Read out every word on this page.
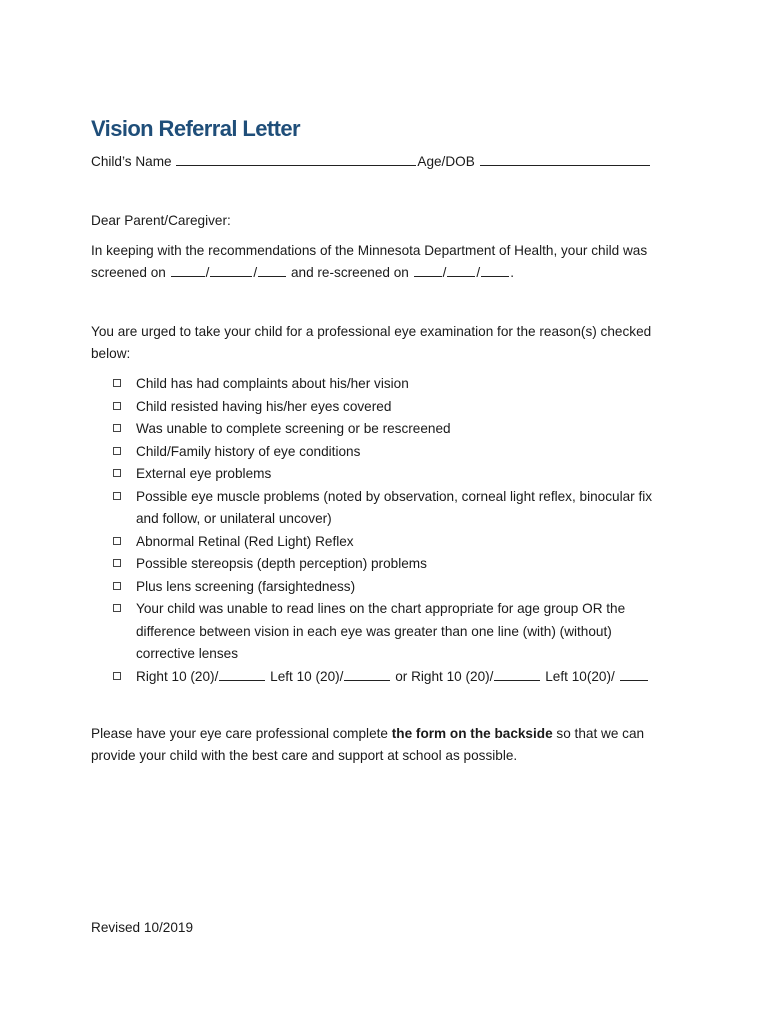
Vision Referral Letter
Child’s Name	Age/DOB
Dear Parent/Caregiver:
In keeping with the recommendations of the Minnesota Department of Health, your child was
screened on	/	/ and re-screened on / / .
You are urged to take your child for a professional eye examination for the reason(s) checked
below:
Child has had complaints about his/her vision
Child resisted having his/her eyes covered
Was unable to complete screening or be rescreened
Child/Family history of eye conditions
External eye problems
Possible eye muscle problems (noted by observation, corneal light reflex, binocular fix and follow, or unilateral uncover)
Abnormal Retinal (Red Light) Reflex
Possible stereopsis (depth perception) problems
Plus lens screening (farsightedness)
Your child was unable to read lines on the chart appropriate for age group OR the difference between vision in each eye was greater than one line (with) (without) corrective lenses
Right 10 (20)/	Left 10 (20)/	or Right 10 (20)/	Left 10(20)/
Please have your eye care professional complete the form on the backside so that we can
provide your child with the best care and support at school as possible.
Revised 10/2019
